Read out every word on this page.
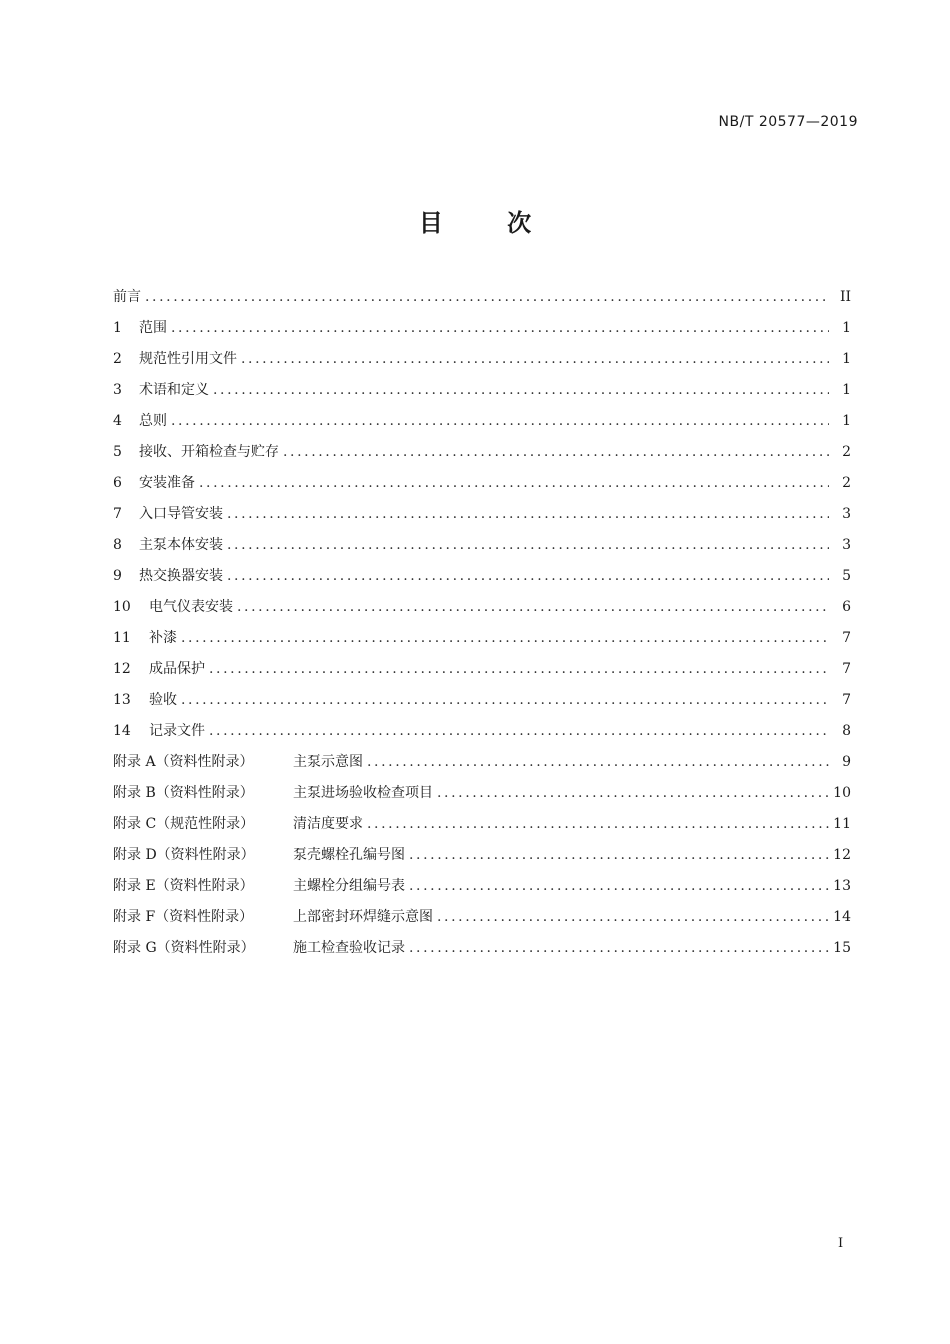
NB/T 20577—2019
目 次
前言 .....	II
1	范围 .....	1
2	规范性引用文件 .....	1
3	术语和定义 .....	1
4	总则 .....	1
5	接收、开箱检查与贮存 .....	2
6	安装准备 .....	2
7	入口导管安装 .....	3
8	主泵本体安装 .....	3
9	热交换器安装 .....	5
10	电气仪表安装 .....	6
11	补漆 .....	7
12	成品保护 .....	7
13	验收 .....	7
14	记录文件 .....	8
附录 A（资料性附录）	主泵示意图 .....	9
附录 B（资料性附录）	主泵进场验收检查项目 .....	10
附录 C（规范性附录）	清洁度要求 .....	11
附录 D（资料性附录）	泵壳螺栓孔编号图 .....	12
附录 E（资料性附录）	主螺栓分组编号表 .....	13
附录 F（资料性附录）	上部密封环焊缝示意图 .....	14
附录 G（资料性附录）	施工检查验收记录 .....	15
I
